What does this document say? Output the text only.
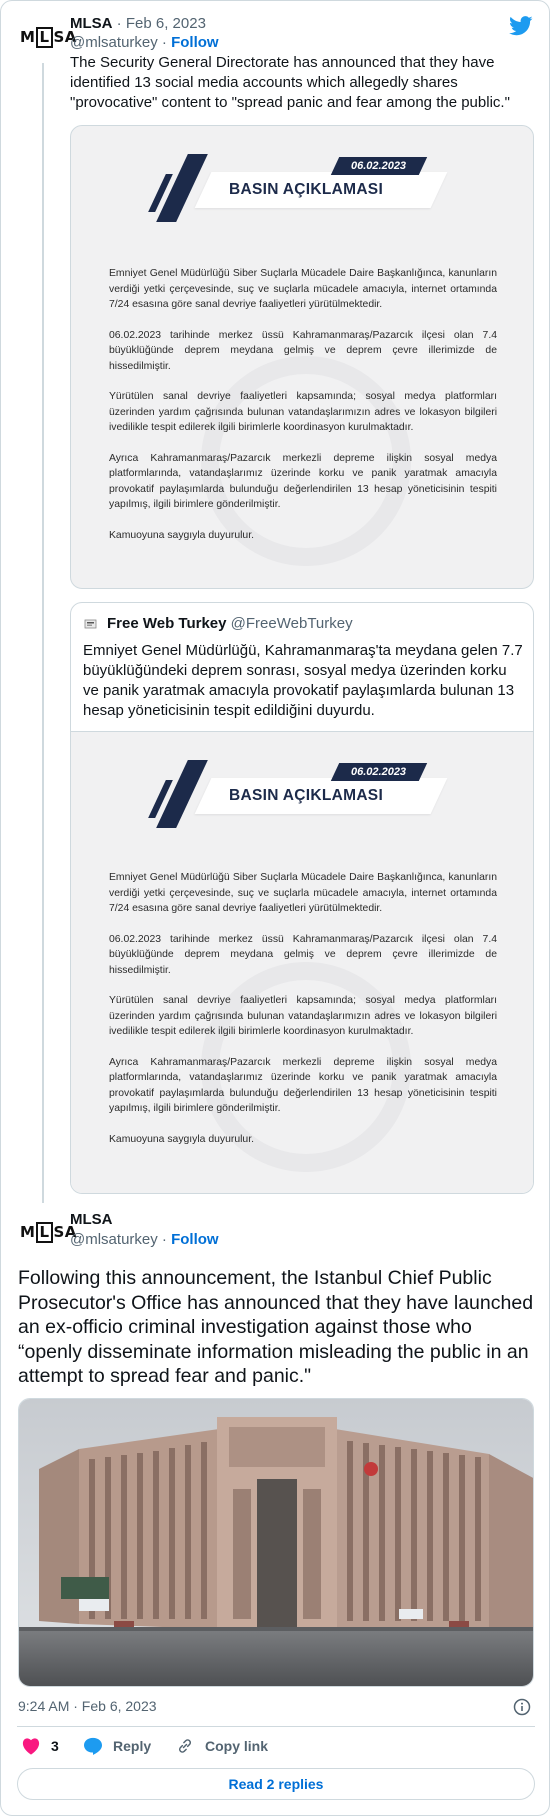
M L SA
MLSA · Feb 6, 2023
@mlsaturkey · Follow
The Security General Directorate has announced that they have identified 13 social media accounts which allegedly shares "provocative" content to "spread panic and fear among the public."
BASIN AÇIKLAMASI
06.02.2023

Emniyet Genel Müdürlüğü Siber Suçlarla Mücadele Daire Başkanlığınca, kanunların verdiği yetki çerçevesinde, suç ve suçlarla mücadele amacıyla, internet ortamında 7/24 esasına göre sanal devriye faaliyetleri yürütülmektedir.

06.02.2023 tarihinde merkez üssü Kahramanmaraş/Pazarcık ilçesi olan 7.4 büyüklüğünde deprem meydana gelmiş ve deprem çevre illerimizde de hissedilmiştir.

Yürütülen sanal devriye faaliyetleri kapsamında; sosyal medya platformları üzerinden yardım çağrısında bulunan vatandaşlarımızın adres ve lokasyon bilgileri ivedilikle tespit edilerek ilgili birimlerle koordinasyon kurulmaktadır.

Ayrıca Kahramanmaraş/Pazarcık merkezli depreme ilişkin sosyal medya platformlarında, vatandaşlarımız üzerinde korku ve panik yaratmak amacıyla provokatif paylaşımlarda bulunduğu değerlendirilen 13 hesap yöneticisinin tespiti yapılmış, ilgili birimlere gönderilmiştir.

Kamuoyuna saygıyla duyurulur.

Free Web Turkey @FreeWebTurkey
Emniyet Genel Müdürlüğü, Kahramanmaraş'ta meydana gelen 7.7 büyüklüğündeki deprem sonrası, sosyal medya üzerinden korku ve panik yaratmak amacıyla provokatif paylaşımlarda bulunan 13 hesap yöneticisinin tespit edildiğini duyurdu.
BASIN AÇIKLAMASI
06.02.2023

Emniyet Genel Müdürlüğü Siber Suçlarla Mücadele Daire Başkanlığınca, kanunların verdiği yetki çerçevesinde, suç ve suçlarla mücadele amacıyla, internet ortamında 7/24 esasına göre sanal devriye faaliyetleri yürütülmektedir.

06.02.2023 tarihinde merkez üssü Kahramanmaraş/Pazarcık ilçesi olan 7.4 büyüklüğünde deprem meydana gelmiş ve deprem çevre illerimizde de hissedilmiştir.

Yürütülen sanal devriye faaliyetleri kapsamında; sosyal medya platformları üzerinden yardım çağrısında bulunan vatandaşlarımızın adres ve lokasyon bilgileri ivedilikle tespit edilerek ilgili birimlerle koordinasyon kurulmaktadır.

Ayrıca Kahramanmaraş/Pazarcık merkezli depreme ilişkin sosyal medya platformlarında, vatandaşlarımız üzerinde korku ve panik yaratmak amacıyla provokatif paylaşımlarda bulunduğu değerlendirilen 13 hesap yöneticisinin tespiti yapılmış, ilgili birimlere gönderilmiştir.

Kamuoyuna saygıyla duyurulur.

M L SA
MLSA
@mlsaturkey · Follow
Following this announcement, the Istanbul Chief Public Prosecutor's Office has announced that they have launched an ex-officio criminal investigation against those who “openly disseminate information misleading the public in an attempt to spread fear and panic."
9:24 AM · Feb 6, 2023
3	Reply	Copy link
Read 2 replies
